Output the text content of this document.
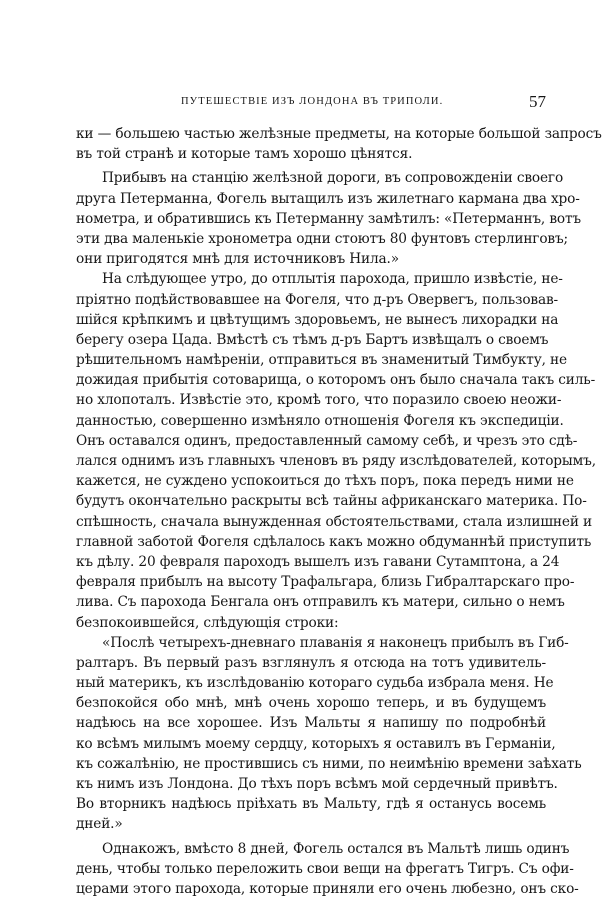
ПУТЕШЕСТВІЕ ИЗЪ ЛОНДОНА ВЪ ТРИПОЛИ.	57
ки — большею частью желѣзные предметы, на которые большой запросъ
въ той странѣ и которые тамъ хорошо цѣнятся.
Прибывъ на станцію желѣзной дороги, въ сопровожденіи своего
друга Петерманна, Фогель вытащилъ изъ жилетнаго кармана два хро-
нометра, и обратившись къ Петерманну замѣтилъ: «Петерманнъ, вотъ
эти два маленькіе хронометра одни стоютъ 80 фунтовъ стерлинговъ;
они пригодятся мнѣ для источниковъ Нила.»
На слѣдующее утро, до отплытія парохода, пришло извѣстіе, не-
пріятно подѣйствовавшее на Фогеля, что д-ръ Овервегъ, пользовав-
шійся крѣпкимъ и цвѣтущимъ здоровьемъ, не вынесъ лихорадки на
берегу озера Цада. Вмѣстѣ съ тѣмъ д-ръ Бартъ извѣщалъ о своемъ
рѣшительномъ намѣреніи, отправиться въ знаменитый Тимбукту, не
дожидая прибытія сотоварища, о которомъ онъ было сначала такъ силь-
но хлопоталъ. Извѣстіе это, кромѣ того, что поразило своею неожи-
данностью, совершенно измѣняло отношенія Фогеля къ экспедиціи.
Онъ оставался одинъ, предоставленный самому себѣ, и чрезъ это сдѣ-
лался однимъ изъ главныхъ членовъ въ ряду изслѣдователей, которымъ,
кажется, не суждено успокоиться до тѣхъ поръ, пока передъ ними не
будутъ окончательно раскрыты всѣ тайны африканскаго материка. По-
спѣшность, сначала вынужденная обстоятельствами, стала излишней и
главной заботой Фогеля сдѣлалось какъ можно обдуманнѣй приступить
къ дѣлу. 20 февраля пароходъ вышелъ изъ гавани Сутамптона, а 24
февраля прибылъ на высоту Трафальгара, близь Гибралтарскаго про-
лива. Съ парохода Бенгала онъ отправилъ къ матери, сильно о немъ
безпокоившейся, слѣдующія строки:
«Послѣ четырехъ-дневнаго плаванія я наконецъ прибылъ въ Гиб-
ралтаръ. Въ первый разъ взглянулъ я отсюда на тотъ удивитель-
ный материкъ, къ изслѣдованію котораго судьба избрала меня. Не
безпокойся обо мнѣ, мнѣ очень хорошо теперь, и въ будущемъ
надѣюсь на все хорошее. Изъ Мальты я напишу по подробнѣй
ко всѣмъ милымъ моему сердцу, которыхъ я оставилъ въ Германіи,
къ сожалѣнію, не простившись съ ними, по неимѣнію времени заѣхать
къ нимъ изъ Лондона. До тѣхъ поръ всѣмъ мой сердечный привѣтъ.
Во вторникъ надѣюсь пріѣхать въ Мальту, гдѣ я останусь восемь
дней.»
Однакожъ, вмѣсто 8 дней, Фогель остался въ Мальтѣ лишь одинъ
день, чтобы только переложить свои вещи на фрегатъ Тигръ. Съ офи-
церами этого парохода, которые приняли его очень любезно, онъ ско-
